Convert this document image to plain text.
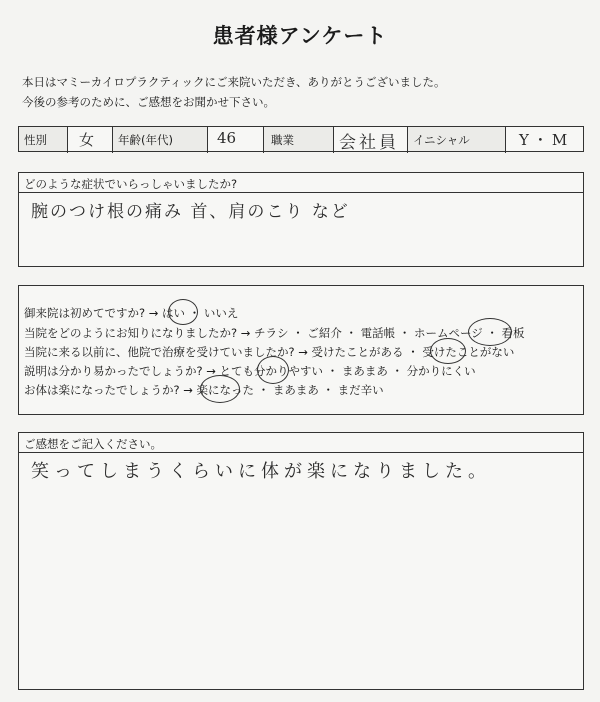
患者様アンケート
本日はマミーカイロプラクティックにご来院いただき、ありがとうございました。
今後の参考のために、ご感想をお聞かせ下さい。
性別 女 年齢(年代)	46	職業	会社員 イニシャル	Y・M
どのような症状でいらっしゃいましたか?
腕のつけ根の痛み 首、肩のこり など
御来院は初めてですか? → はい ・ いいえ
当院をどのようにお知りになりましたか? → チラシ ・ ご紹介 ・ 電話帳 ・ ホームページ ・ 看板
当院に来る以前に、他院で治療を受けていましたか? → 受けたことがある ・ 受けたことがない
説明は分かり易かったでしょうか? → とても分かりやすい ・ まあまあ ・ 分かりにくい
お体は楽になったでしょうか? → 楽になった ・ まあまあ ・ まだ辛い
ご感想をご記入ください。
笑ってしまうくらいに体が楽になりました。
